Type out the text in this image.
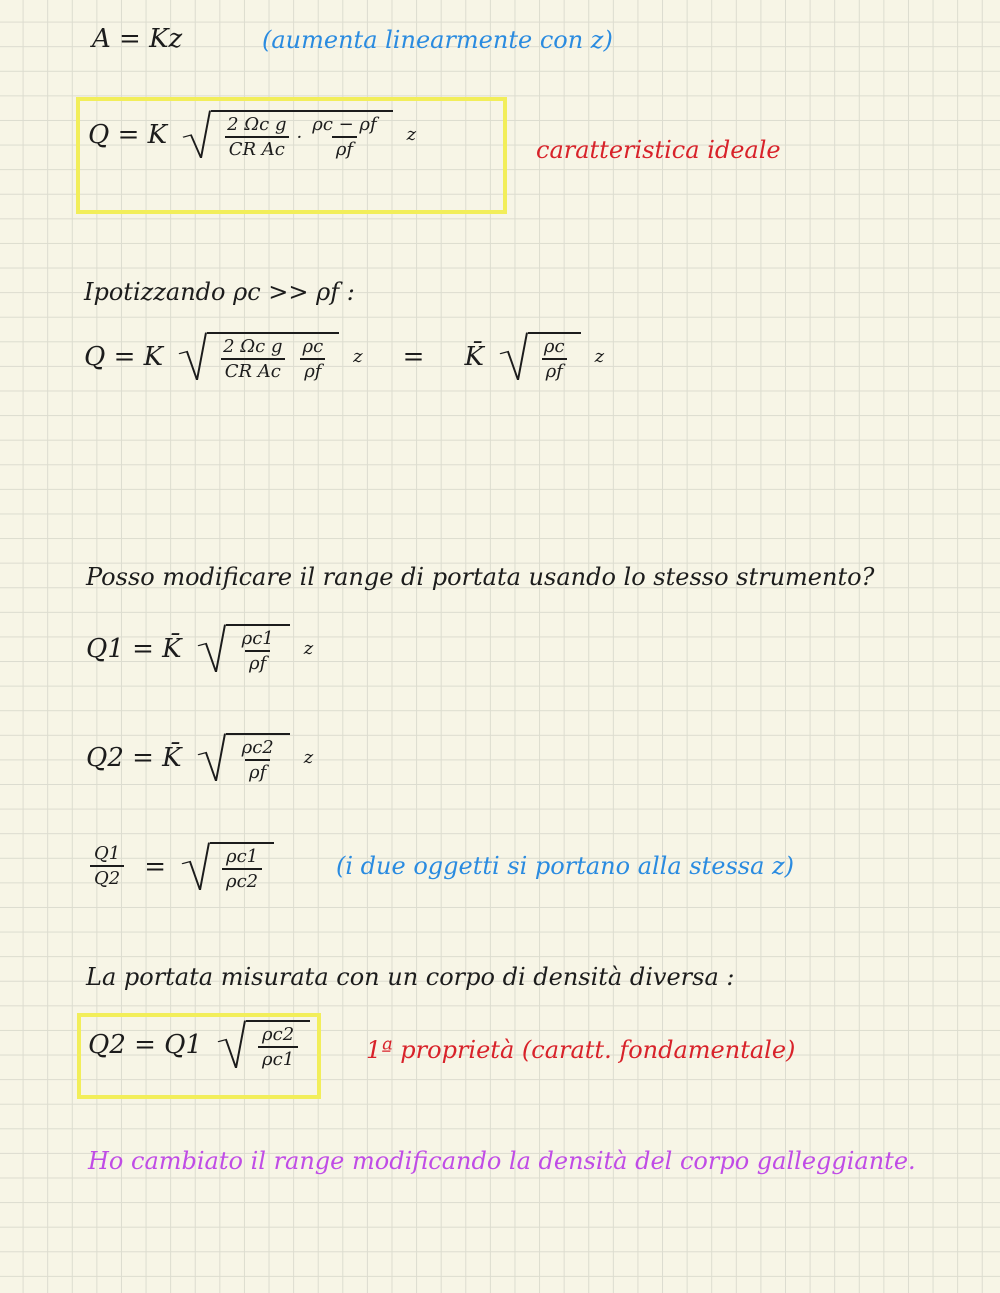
A = Kz	(aumenta linearmente con z)
Q = K	$\frac{\text{2 Ωc g}}{\text{CR Ac}} \cdot \frac{\rho c - \rho f}{\rho f}$ z
caratteristica ideale
Ipotizzando ρc >> ρf :
Q = K	$\frac{\text{2 Ωc g}}{\text{CR Ac}} \frac{\rho c}{\rho f}$ z = K̄	$\frac{\rho c}{\rho f}$ z
Posso modificare il range di portata usando lo stesso strumento?
Q1 = K̄	$\frac{\rho c1}{\rho f}$ z
Q2 = K̄	$\frac{\rho c2}{\rho f}$ z
$\frac{Q1}{Q2}$ =	$\frac{\rho c1}{\rho c2}$	(i due oggetti si portano alla stessa z)
La portata misurata con un corpo di densità diversa :
Q2 = Q1	$\frac{\rho c2}{\rho c1}$	1ª proprietà (caratt. fondamentale)
Ho cambiato il range modificando la densità del corpo galleggiante.
